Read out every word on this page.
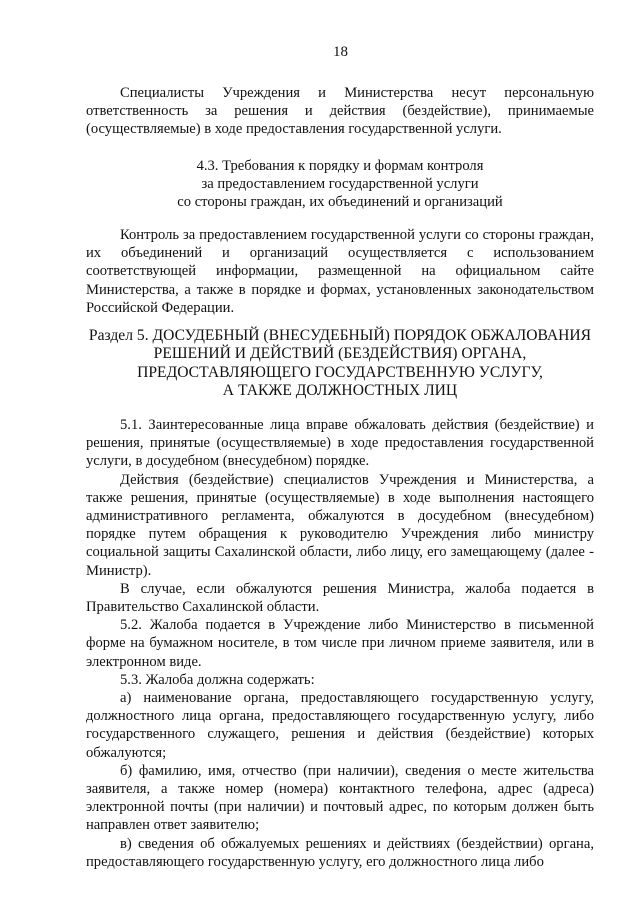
18

Специалисты Учреждения и Министерства несут персональную ответственность за решения и действия (бездействие), принимаемые (осуществляемые) в ходе предоставления государственной услуги.

4.3. Требования к порядку и формам контроля
за предоставлением государственной услуги
со стороны граждан, их объединений и организаций

Контроль за предоставлением государственной услуги со стороны граждан, их объединений и организаций осуществляется с использованием соответствующей информации, размещенной на официальном сайте Министерства, а также в порядке и формах, установленных законодательством Российской Федерации.

Раздел 5. ДОСУДЕБНЫЙ (ВНЕСУДЕБНЫЙ) ПОРЯДОК ОБЖАЛОВАНИЯ
РЕШЕНИЙ И ДЕЙСТВИЙ (БЕЗДЕЙСТВИЯ) ОРГАНА,
ПРЕДОСТАВЛЯЮЩЕГО ГОСУДАРСТВЕННУЮ УСЛУГУ,
А ТАКЖЕ ДОЛЖНОСТНЫХ ЛИЦ

5.1. Заинтересованные лица вправе обжаловать действия (бездействие) и решения, принятые (осуществляемые) в ходе предоставления государственной услуги, в досудебном (внесудебном) порядке.

Действия (бездействие) специалистов Учреждения и Министерства, а также решения, принятые (осуществляемые) в ходе выполнения настоящего административного регламента, обжалуются в досудебном (внесудебном) порядке путем обращения к руководителю Учреждения либо министру социальной защиты Сахалинской области, либо лицу, его замещающему (далее - Министр).

В случае, если обжалуются решения Министра, жалоба подается в Правительство Сахалинской области.

5.2. Жалоба подается в Учреждение либо Министерство в письменной форме на бумажном носителе, в том числе при личном приеме заявителя, или в электронном виде.

5.3. Жалоба должна содержать:

а) наименование органа, предоставляющего государственную услугу, должностного лица органа, предоставляющего государственную услугу, либо государственного служащего, решения и действия (бездействие) которых обжалуются;

б) фамилию, имя, отчество (при наличии), сведения о месте жительства заявителя, а также номер (номера) контактного телефона, адрес (адреса) электронной почты (при наличии) и почтовый адрес, по которым должен быть направлен ответ заявителю;

в) сведения об обжалуемых решениях и действиях (бездействии) органа, предоставляющего государственную услугу, его должностного лица либо
